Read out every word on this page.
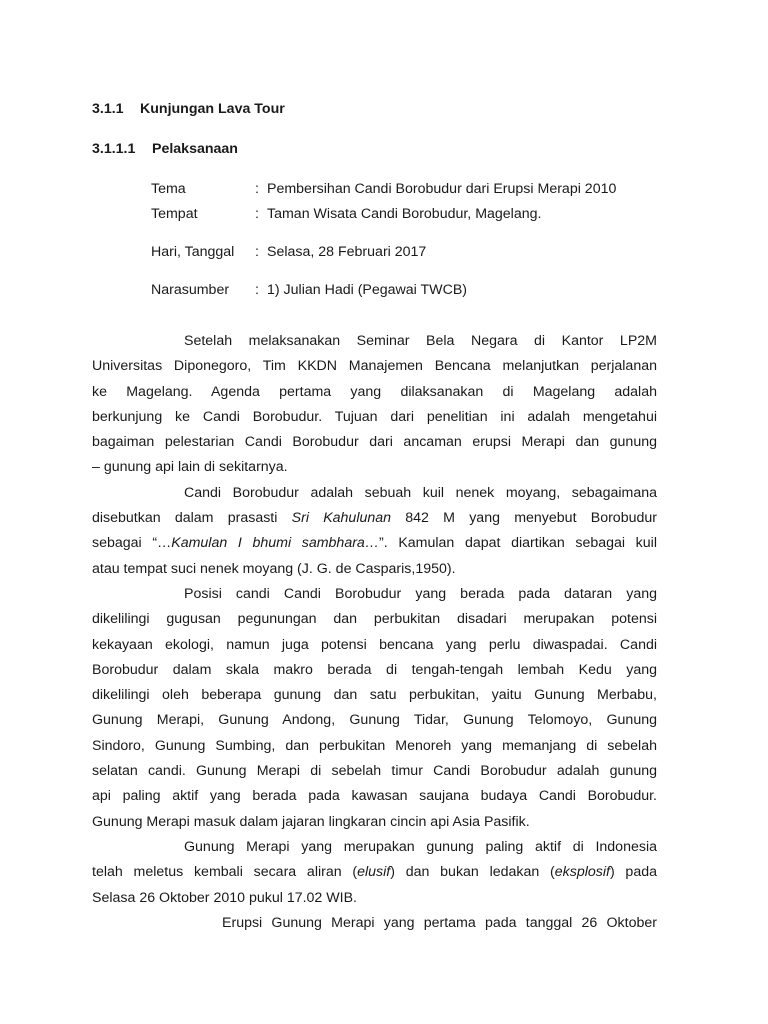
3.1.1 Kunjungan Lava Tour
3.1.1.1 Pelaksanaan
Tema	: Pembersihan Candi Borobudur dari Erupsi Merapi 2010
Tempat	: Taman Wisata Candi Borobudur, Magelang.
Hari, Tanggal : Selasa, 28 Februari 2017
Narasumber : 1) Julian Hadi (Pegawai TWCB)
Setelah melaksanakan Seminar Bela Negara di Kantor LP2M
Universitas Diponegoro, Tim KKDN Manajemen Bencana melanjutkan perjalanan
ke Magelang. Agenda pertama yang dilaksanakan di Magelang adalah
berkunjung ke Candi Borobudur. Tujuan dari penelitian ini adalah mengetahui
bagaiman pelestarian Candi Borobudur dari ancaman erupsi Merapi dan gunung
– gunung api lain di sekitarnya.
Candi Borobudur adalah sebuah kuil nenek moyang, sebagaimana
disebutkan dalam prasasti Sri Kahulunan 842 M yang menyebut Borobudur
sebagai “…Kamulan I bhumi sambhara…”. Kamulan dapat diartikan sebagai kuil
atau tempat suci nenek moyang (J. G. de Casparis,1950).
Posisi candi Candi Borobudur yang berada pada dataran yang
dikelilingi gugusan pegunungan dan perbukitan disadari merupakan potensi
kekayaan ekologi, namun juga potensi bencana yang perlu diwaspadai. Candi
Borobudur dalam skala makro berada di tengah-tengah lembah Kedu yang
dikelilingi oleh beberapa gunung dan satu perbukitan, yaitu Gunung Merbabu,
Gunung Merapi, Gunung Andong, Gunung Tidar, Gunung Telomoyo, Gunung
Sindoro, Gunung Sumbing, dan perbukitan Menoreh yang memanjang di sebelah
selatan candi. Gunung Merapi di sebelah timur Candi Borobudur adalah gunung
api paling aktif yang berada pada kawasan saujana budaya Candi Borobudur.
Gunung Merapi masuk dalam jajaran lingkaran cincin api Asia Pasifik.
Gunung Merapi yang merupakan gunung paling aktif di Indonesia
telah meletus kembali secara aliran (elusif) dan bukan ledakan (eksplosif) pada
Selasa 26 Oktober 2010 pukul 17.02 WIB.
Erupsi Gunung Merapi yang pertama pada tanggal 26 Oktober
